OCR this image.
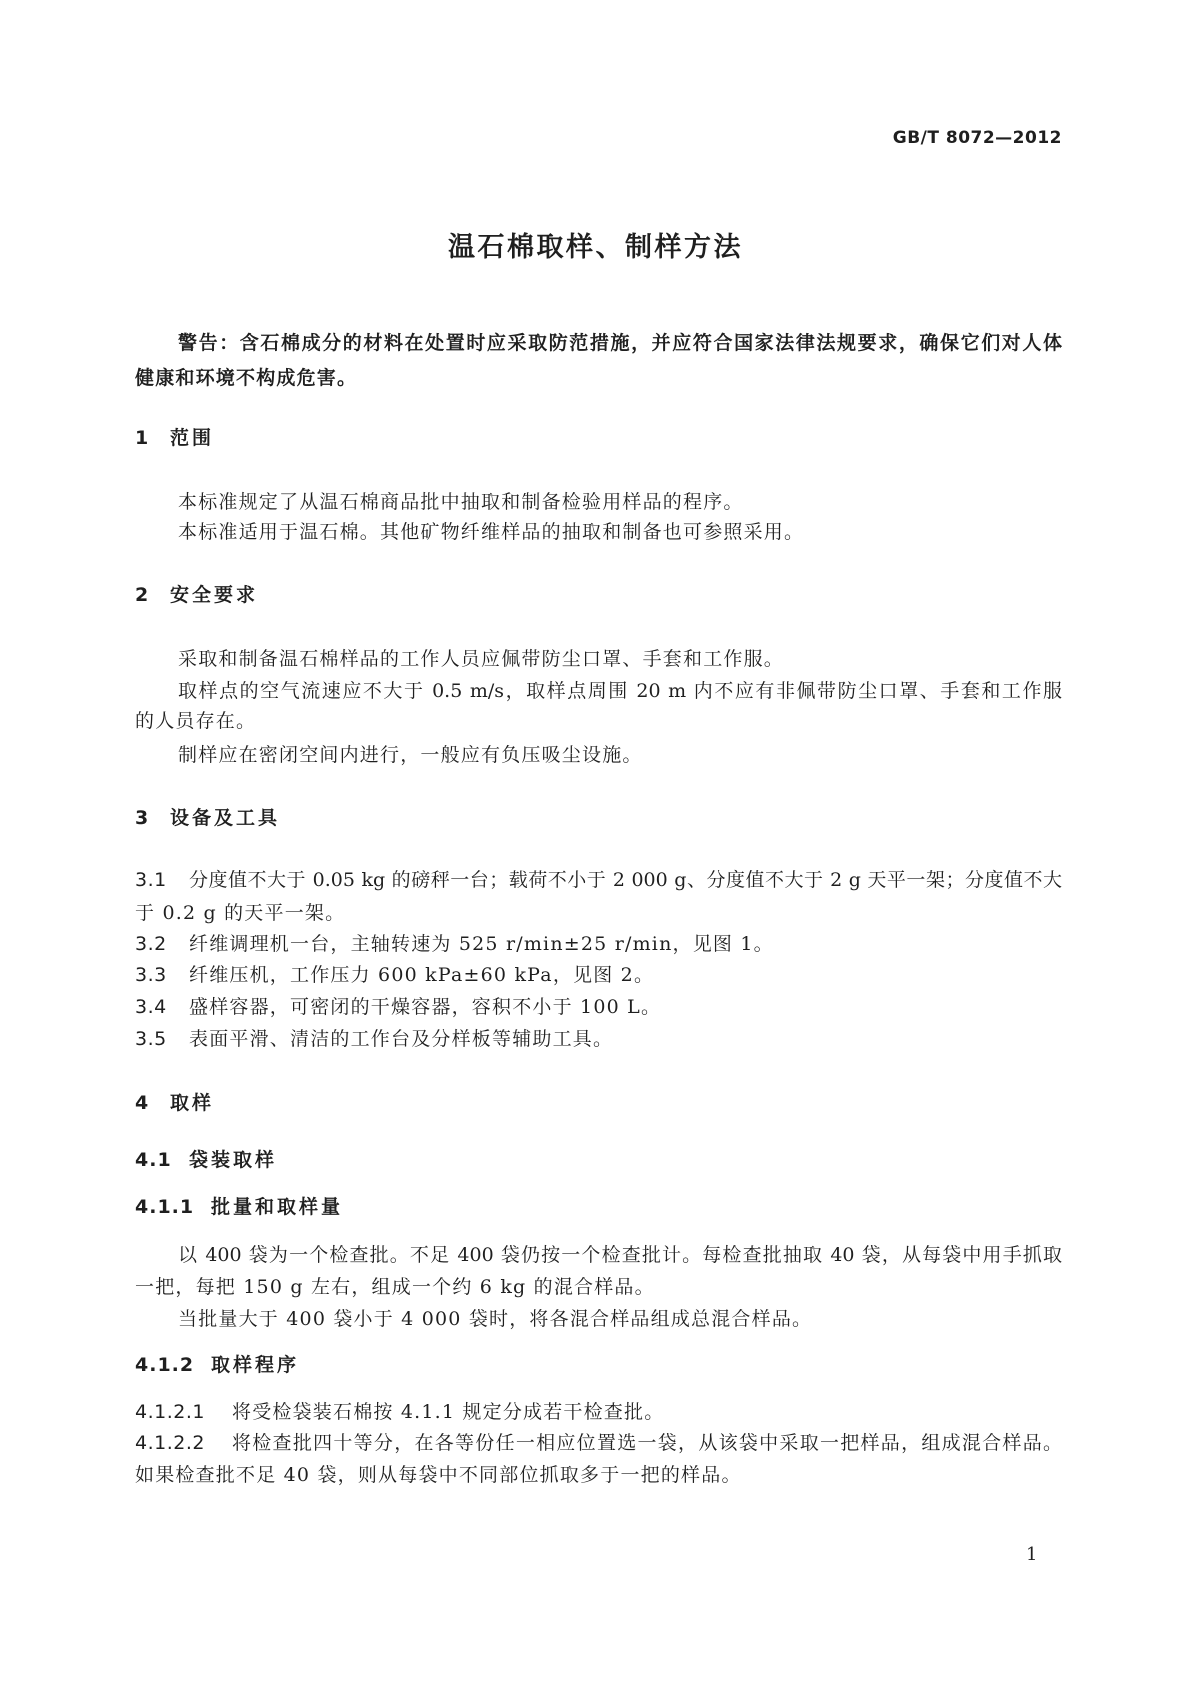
GB/T 8072—2012
温石棉取样、制样方法
警告：含石棉成分的材料在处置时应采取防范措施，并应符合国家法律法规要求，确保它们对人体
健康和环境不构成危害。
1 范围
本标准规定了从温石棉商品批中抽取和制备检验用样品的程序。
本标准适用于温石棉。其他矿物纤维样品的抽取和制备也可参照采用。
2 安全要求
采取和制备温石棉样品的工作人员应佩带防尘口罩、手套和工作服。
取样点的空气流速应不大于 0.5 m/s，取样点周围 20 m 内不应有非佩带防尘口罩、手套和工作服
的人员存在。
制样应在密闭空间内进行，一般应有负压吸尘设施。
3 设备及工具
3.1 分度值不大于 0.05 kg 的磅秤一台；载荷不小于 2 000 g、分度值不大于 2 g 天平一架；分度值不大
于 0.2 g 的天平一架。
3.2 纤维调理机一台，主轴转速为 525 r/min±25 r/min，见图 1。
3.3 纤维压机，工作压力 600 kPa±60 kPa，见图 2。
3.4 盛样容器，可密闭的干燥容器，容积不小于 100 L。
3.5 表面平滑、清洁的工作台及分样板等辅助工具。
4 取样
4.1 袋装取样
4.1.1 批量和取样量
以 400 袋为一个检查批。不足 400 袋仍按一个检查批计。每检查批抽取 40 袋，从每袋中用手抓取
一把，每把 150 g 左右，组成一个约 6 kg 的混合样品。
当批量大于 400 袋小于 4 000 袋时，将各混合样品组成总混合样品。
4.1.2 取样程序
4.1.2.1 将受检袋装石棉按 4.1.1 规定分成若干检查批。
4.1.2.2 将检查批四十等分，在各等份任一相应位置选一袋，从该袋中采取一把样品，组成混合样品。
如果检查批不足 40 袋，则从每袋中不同部位抓取多于一把的样品。
1
